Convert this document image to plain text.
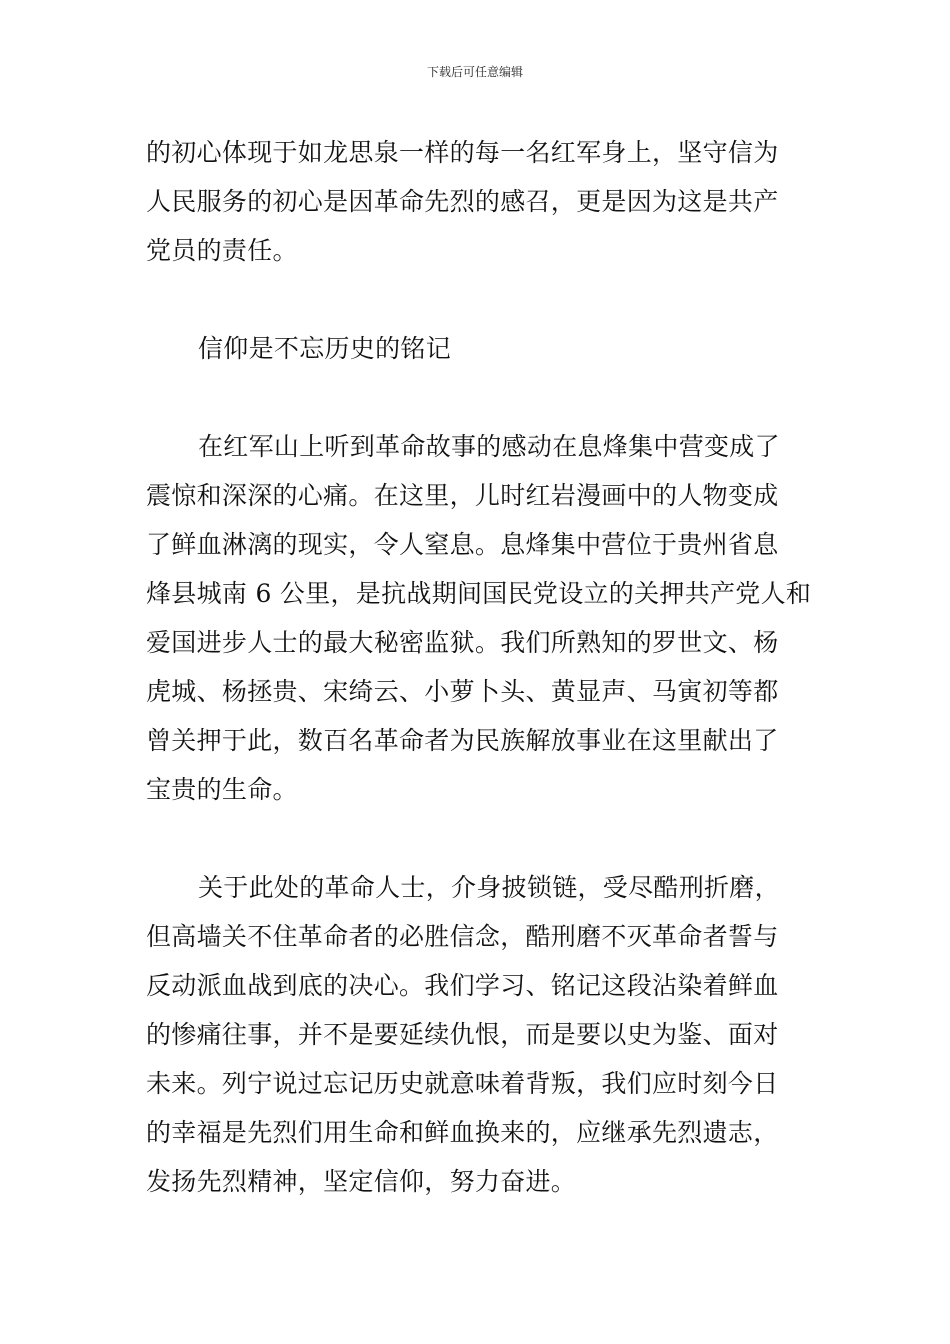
下载后可任意编辑

的初心体现于如龙思泉一样的每一名红军身上，坚守信为
人民服务的初心是因革命先烈的感召，更是因为这是共产
党员的责任。

信仰是不忘历史的铭记

在红军山上听到革命故事的感动在息烽集中营变成了
震惊和深深的心痛。在这里，儿时红岩漫画中的人物变成
了鲜血淋漓的现实，令人窒息。息烽集中营位于贵州省息
烽县城南 6 公里，是抗战期间国民党设立的关押共产党人和
爱国进步人士的最大秘密监狱。我们所熟知的罗世文、杨
虎城、杨拯贵、宋绮云、小萝卜头、黄显声、马寅初等都
曾关押于此，数百名革命者为民族解放事业在这里献出了
宝贵的生命。

关于此处的革命人士，介身披锁链，受尽酷刑折磨，
但高墙关不住革命者的必胜信念，酷刑磨不灭革命者誓与
反动派血战到底的决心。我们学习、铭记这段沾染着鲜血
的惨痛往事，并不是要延续仇恨，而是要以史为鉴、面对
未来。列宁说过忘记历史就意味着背叛，我们应时刻今日
的幸福是先烈们用生命和鲜血换来的，应继承先烈遗志，
发扬先烈精神，坚定信仰，努力奋进。
